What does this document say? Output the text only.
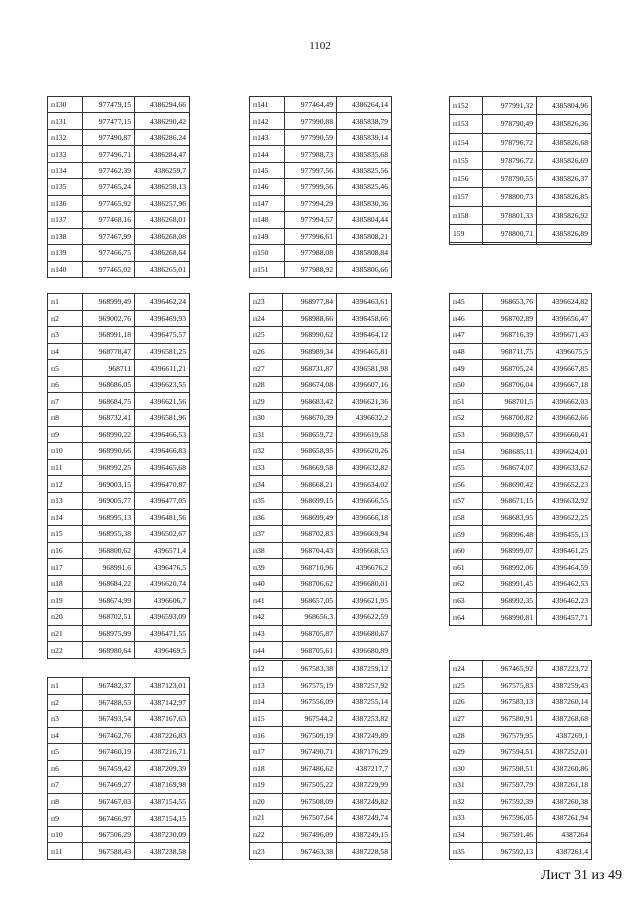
1102
п130	977479,15	4386294,66
п131	977477,15	4386290,42
п132	977490,87	4386286,24
п133	977496,71	4386284,47
п134	977462,39	4386259,7
п135	977465,24	4386258,13
п136	977465,92	4386257,96
п137	977468,16	4386268,01
п138	977467,99	4386268,08
п139	977466,75	4386268,64
п140	977465,02	4386265,01
п141	977464,49	4386264,14
п142	977990,88	4385838,79
п143	977990,59	4385839,14
п144	977988,73	4385835,68
п145	977997,56	4385825,56
п146	977999,56	4385825,46
п147	977994,29	4385830,36
п148	977994,57	4385804,44
п149	977996,61	4385808,21
п150	977988,08	4385808,84
п151	977988,92	4385806,66
п152	977991,32	4385804,96
п153	978790,49	4385826,36
п154	978796,72	4385826,68
п155	978796,72	4385826,69
п156	978790,55	4385826,37
п157	978800,73	4385826,85
п158	978801,33	4385826,92
159	978800,71	4385826,89

п1	968999,49	4396462,24
п2	969002,76	4396469,93
п3	968991,18	4396475,57
п4	968778,47	4396581,25
п5	968711	4396611,21
п6	968686,05	4396623,55
п7	968684,75	4396621,56
п8	968732,41	4396581,96
п9	968990,22	4396466,53
п10	968990,66	4396466,83
п11	968992,25	4396465,68
п12	969003,15	4396470,87
п13	969005,77	4396477,05
п14	968995,13	4396481,56
п15	968955,38	4396502,67
п16	968800,62	4396571,4
п17	968991,6	4396476,5
п18	968684,22	4396620,74
п19	968674,99	4396606,7
п20	968702,51	4396593,09
п21	968975,99	4396471,55
п22	968980,64	4396469,5
п23	968977,84	4396463,61
п24	968988,66	4396458,66
п25	968990,62	4396464,12
п26	968989,34	4396465,81
п27	968731,87	4396581,98
п28	968674,08	4396607,16
п29	968683,42	4396621,36
п30	968670,39	4396632,2
п31	968659,72	4396619,58
п32	968658,95	4396620,26
п33	968669,58	4396632,82
п34	968668,21	4396634,02
п35	968699,15	4396666,55
п36	968699,49	4396666,18
п37	968702,83	4396669,94
п38	968704,43	4396668,53
п39	968710,96	4396676,2
п40	968706,62	4396680,01
п41	968657,05	4396621,95
п42	968656,3	4396622,59
п43	968705,87	4396680,67
п44	968705,61	4396680,89
п45	968653,76	4396624,82
п46	968702,89	4396656,47
п47	968716,39	4396671,43
п48	968711,75	4396675,5
п49	968705,24	4396667,85
п50	968706,04	4396667,18
п51	968701,5	4396662,03
п52	968700,82	4396662,66
п53	968698,57	4396660,41
п54	968685,11	4396624,01
п55	968674,07	4396633,62
п56	968690,42	4396652,23
п57	968671,15	4396632,92
п58	968683,95	4396622,25
п59	968996,48	4396455,13
п60	968999,07	4396461,25
п61	968992,06	4396464,59
п62	968991,45	4396462,53
п63	968992,35	4396462,23
п64	968990,81	4396457,71
п1	967482,37	4387123,01
п2	967488,53	4387142,97
п3	967493,54	4387167,63
п4	967462,76	4387226,83
п5	967460,19	4387216,71
п6	967459,42	4387209,39
п7	967469,27	4387169,98
п8	967467,03	4387154,55
п9	967466,97	4387154,15
п10	967506,29	4387230,09
п11	967588,43	4387238,58
п12	967583,38	4387259,12
п13	967575,19	4387257,92
п14	967556,09	4387255,14
п15	967544,2	4387253,82
п16	967509,19	4387249,89
п17	967490,71	4387176,29
п18	967486,62	4387217,7
п19	967505,22	4387229,99
п20	967508,09	4387249,82
п21	967507,64	4387249,74
п22	967496,09	4387249,15
п23	967463,38	4387228,58
п24	967465,92	4387223,72
п25	967575,83	4387259,43
п26	967583,13	4387260,14
п27	967580,91	4387268,68
п28	967579,95	4387269,1
п29	967594,51	4387252,01
п30	967598,51	4387260,86
п31	967597,79	4387261,18
п32	967592,39	4387260,38
п33	967596,05	4387261,94
п34	967591,46	4387264
п35	967592,13	4387261,4
Лист 31 из 49
